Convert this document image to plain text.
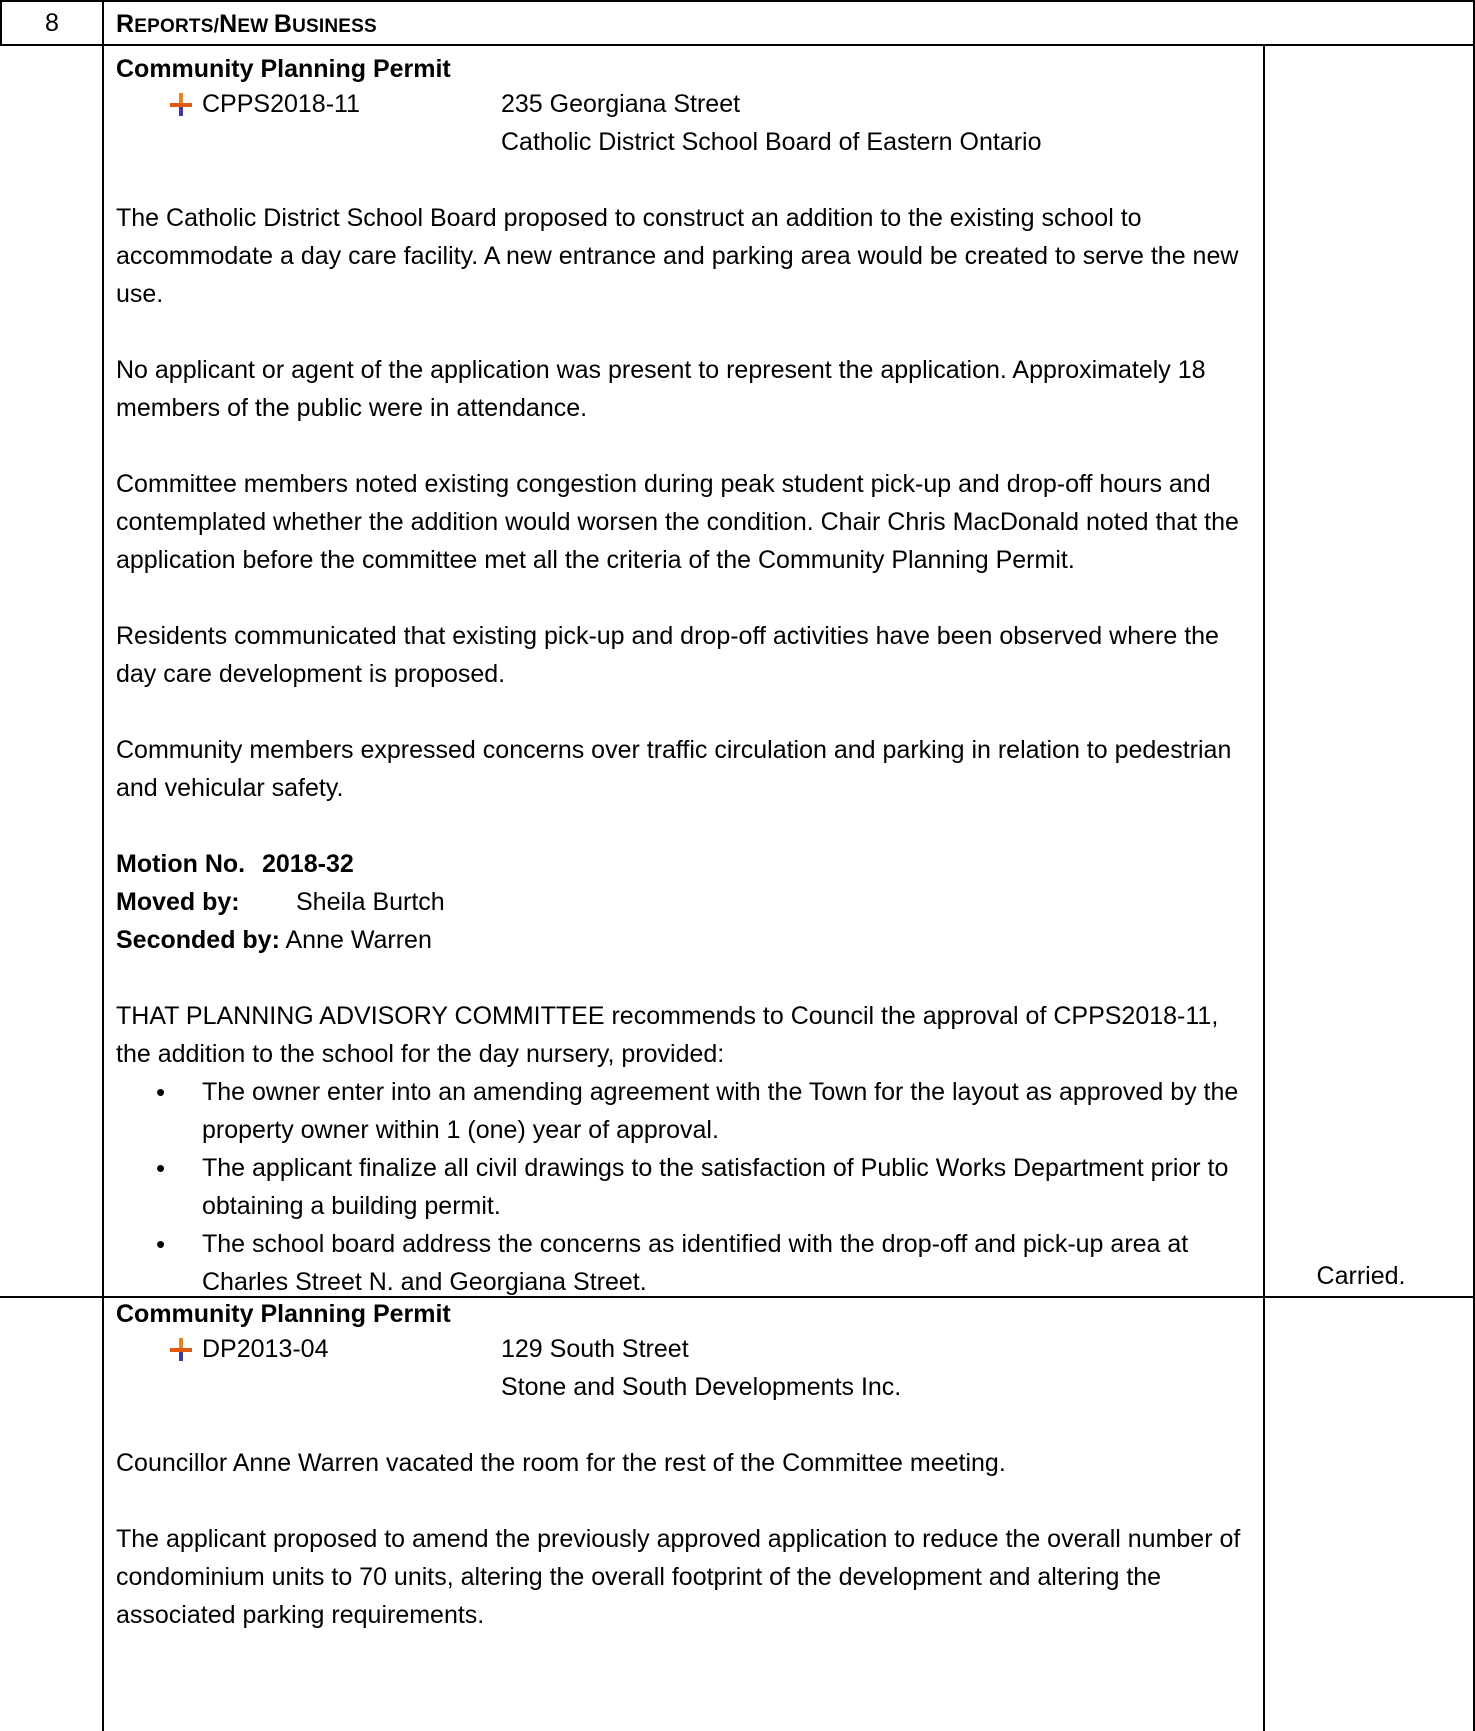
8	REPORTS/NEW BUSINESS
Community Planning Permit
CPPS2018-11	235 Georgiana Street
Catholic District School Board of Eastern Ontario

The Catholic District School Board proposed to construct an addition to the existing school to accommodate a day care facility. A new entrance and parking area would be created to serve the new use.

No applicant or agent of the application was present to represent the application. Approximately 18 members of the public were in attendance.

Committee members noted existing congestion during peak student pick-up and drop-off hours and contemplated whether the addition would worsen the condition. Chair Chris MacDonald noted that the application before the committee met all the criteria of the Community Planning Permit.

Residents communicated that existing pick-up and drop-off activities have been observed where the day care development is proposed.

Community members expressed concerns over traffic circulation and parking in relation to pedestrian and vehicular safety.

Motion No. 2018-32
Moved by: Sheila Burtch
Seconded by: Anne Warren

THAT PLANNING ADVISORY COMMITTEE recommends to Council the approval of CPPS2018-11, the addition to the school for the day nursery, provided:

• The owner enter into an amending agreement with the Town for the layout as approved by the property owner within 1 (one) year of approval.
• The applicant finalize all civil drawings to the satisfaction of Public Works Department prior to obtaining a building permit.
• The school board address the concerns as identified with the drop-off and pick-up area at Charles Street N. and Georgiana Street.	Carried.
Community Planning Permit
DP2013-04	129 South Street
Stone and South Developments Inc.

Councillor Anne Warren vacated the room for the rest of the Committee meeting.

The applicant proposed to amend the previously approved application to reduce the overall number of condominium units to 70 units, altering the overall footprint of the development and altering the associated parking requirements.
